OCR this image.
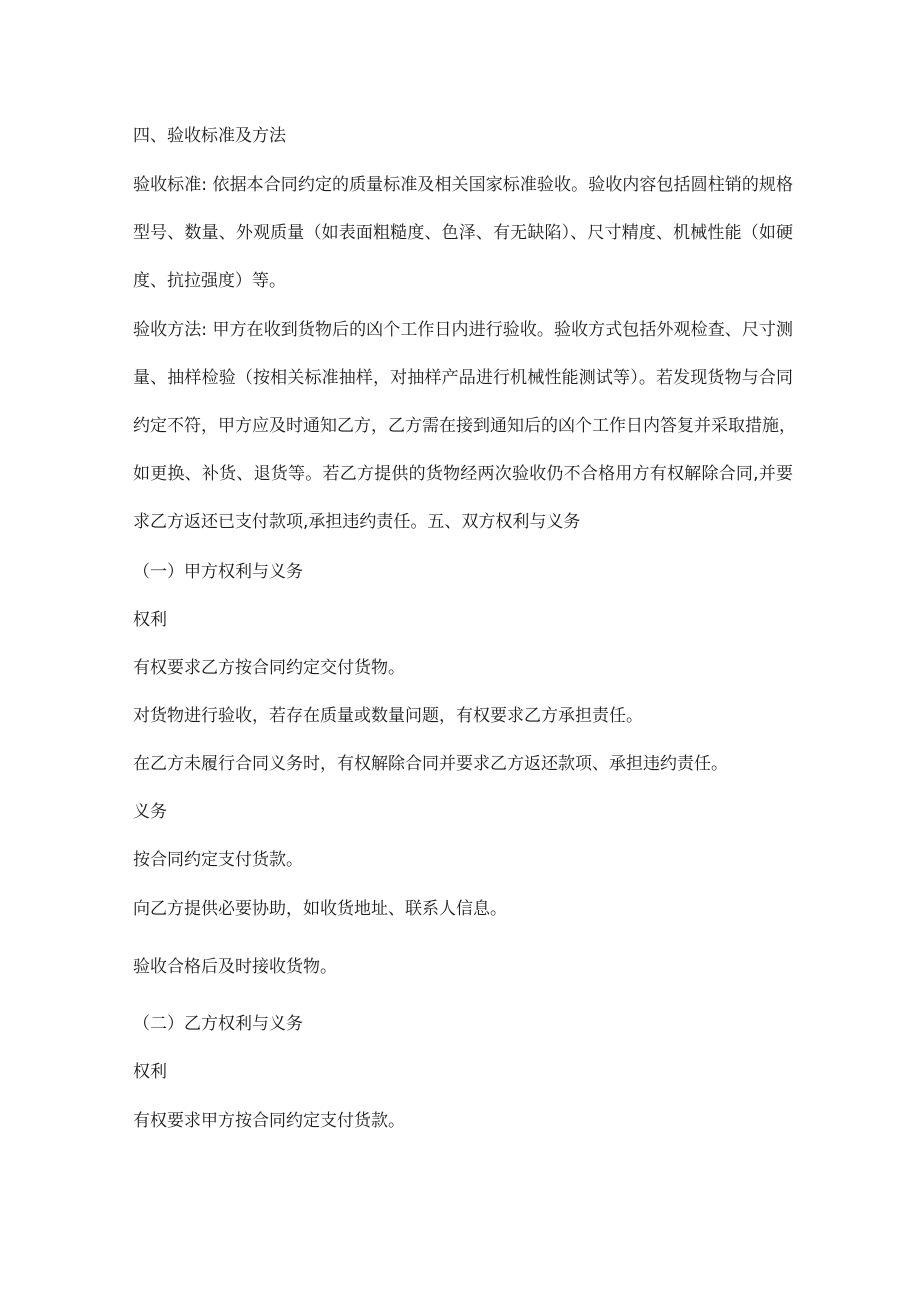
四、验收标准及方法
验收标准: 依据本合同约定的质量标准及相关国家标准验收。验收内容包括圆柱销的规格
型号、数量、外观质量（如表面粗糙度、色泽、有无缺陷）、尺寸精度、机械性能（如硬
度、抗拉强度）等。
验收方法: 甲方在收到货物后的凶个工作日内进行验收。验收方式包括外观检查、尺寸测
量、抽样检验（按相关标准抽样，对抽样产品进行机械性能测试等）。若发现货物与合同
约定不符，甲方应及时通知乙方，乙方需在接到通知后的凶个工作日内答复并采取措施，
如更换、补货、退货等。若乙方提供的货物经两次验收仍不合格用方有权解除合同,并要
求乙方返还已支付款项,承担违约责任。五、双方权利与义务
（一）甲方权利与义务
权利
有权要求乙方按合同约定交付货物。
对货物进行验收，若存在质量或数量问题，有权要求乙方承担责任。
在乙方未履行合同义务时，有权解除合同并要求乙方返还款项、承担违约责任。
义务
按合同约定支付货款。
向乙方提供必要协助，如收货地址、联系人信息。
验收合格后及时接收货物。
（二）乙方权利与义务
权利
有权要求甲方按合同约定支付货款。
